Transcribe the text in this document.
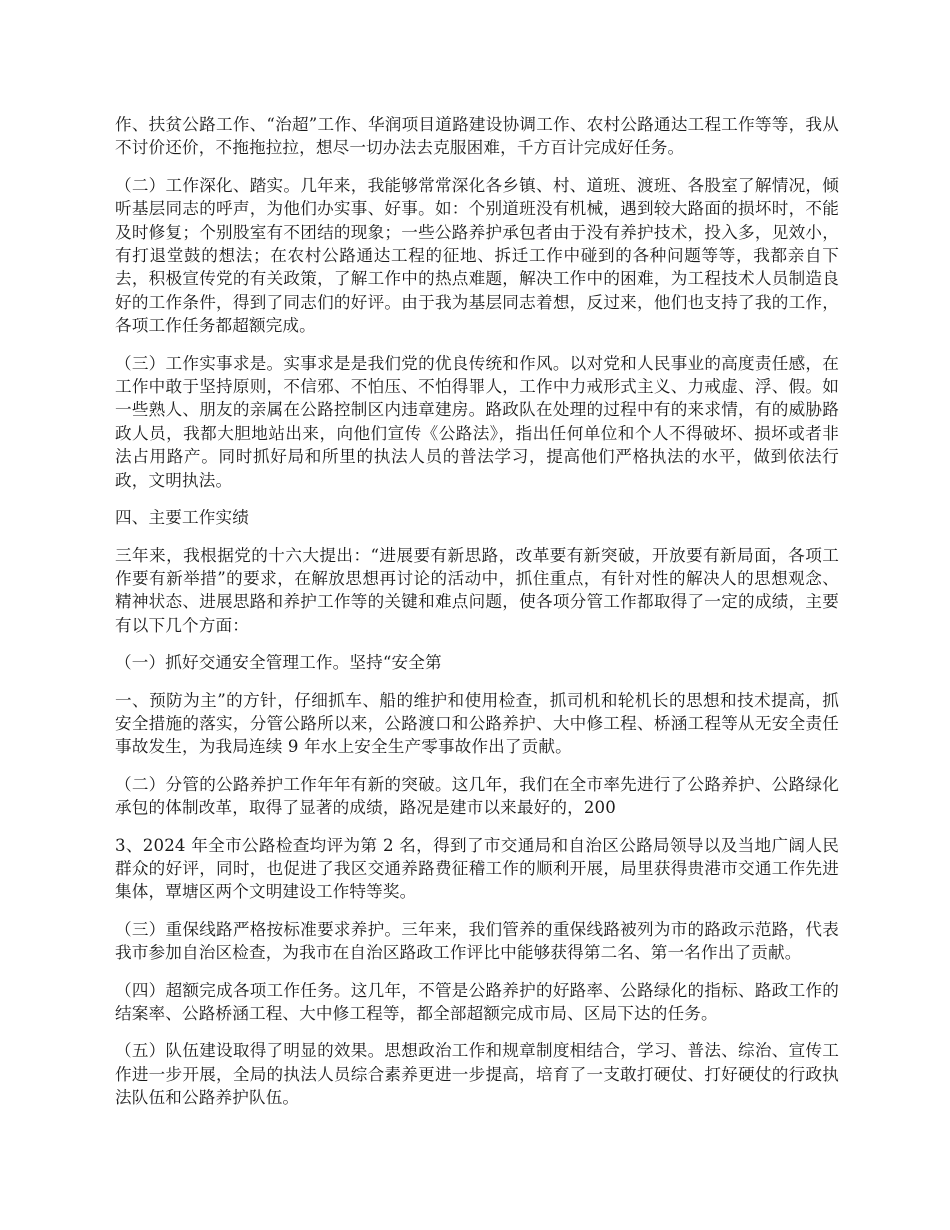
作、扶贫公路工作、“治超”工作、华润项目道路建设协调工作、农村公路通达工程工作等等，我从不讨价还价，不拖拖拉拉，想尽一切办法去克服困难，千方百计完成好任务。

（二）工作深化、踏实。几年来，我能够常常深化各乡镇、村、道班、渡班、各股室了解情况，倾听基层同志的呼声，为他们办实事、好事。如：个别道班没有机械，遇到较大路面的损坏时，不能及时修复；个别股室有不团结的现象；一些公路养护承包者由于没有养护技术，投入多，见效小，有打退堂鼓的想法；在农村公路通达工程的征地、拆迁工作中碰到的各种问题等等，我都亲自下去，积极宣传党的有关政策，了解工作中的热点难题，解决工作中的困难，为工程技术人员制造良好的工作条件，得到了同志们的好评。由于我为基层同志着想，反过来，他们也支持了我的工作，各项工作任务都超额完成。

（三）工作实事求是。实事求是是我们党的优良传统和作风。以对党和人民事业的高度责任感，在工作中敢于坚持原则，不信邪、不怕压、不怕得罪人，工作中力戒形式主义、力戒虚、浮、假。如一些熟人、朋友的亲属在公路控制区内违章建房。路政队在处理的过程中有的来求情，有的威胁路政人员，我都大胆地站出来，向他们宣传《公路法》，指出任何单位和个人不得破坏、损坏或者非法占用路产。同时抓好局和所里的执法人员的普法学习，提高他们严格执法的水平，做到依法行政，文明执法。

四、主要工作实绩

三年来，我根据党的十六大提出：“进展要有新思路，改革要有新突破，开放要有新局面，各项工作要有新举措”的要求，在解放思想再讨论的活动中，抓住重点，有针对性的解决人的思想观念、精神状态、进展思路和养护工作等的关键和难点问题，使各项分管工作都取得了一定的成绩，主要有以下几个方面：

（一）抓好交通安全管理工作。坚持“安全第

一、预防为主”的方针，仔细抓车、船的维护和使用检查，抓司机和轮机长的思想和技术提高，抓安全措施的落实，分管公路所以来，公路渡口和公路养护、大中修工程、桥涵工程等从无安全责任事故发生，为我局连续 9 年水上安全生产零事故作出了贡献。

（二）分管的公路养护工作年年有新的突破。这几年，我们在全市率先进行了公路养护、公路绿化承包的体制改革，取得了显著的成绩，路况是建市以来最好的，200

3、2024 年全市公路检查均评为第 2 名，得到了市交通局和自治区公路局领导以及当地广阔人民群众的好评，同时，也促进了我区交通养路费征稽工作的顺利开展，局里获得贵港市交通工作先进集体，覃塘区两个文明建设工作特等奖。

（三）重保线路严格按标准要求养护。三年来，我们管养的重保线路被列为市的路政示范路，代表我市参加自治区检查，为我市在自治区路政工作评比中能够获得第二名、第一名作出了贡献。

（四）超额完成各项工作任务。这几年，不管是公路养护的好路率、公路绿化的指标、路政工作的结案率、公路桥涵工程、大中修工程等，都全部超额完成市局、区局下达的任务。

（五）队伍建设取得了明显的效果。思想政治工作和规章制度相结合，学习、普法、综治、宣传工作进一步开展，全局的执法人员综合素养更进一步提高，培育了一支敢打硬仗、打好硬仗的行政执法队伍和公路养护队伍。
